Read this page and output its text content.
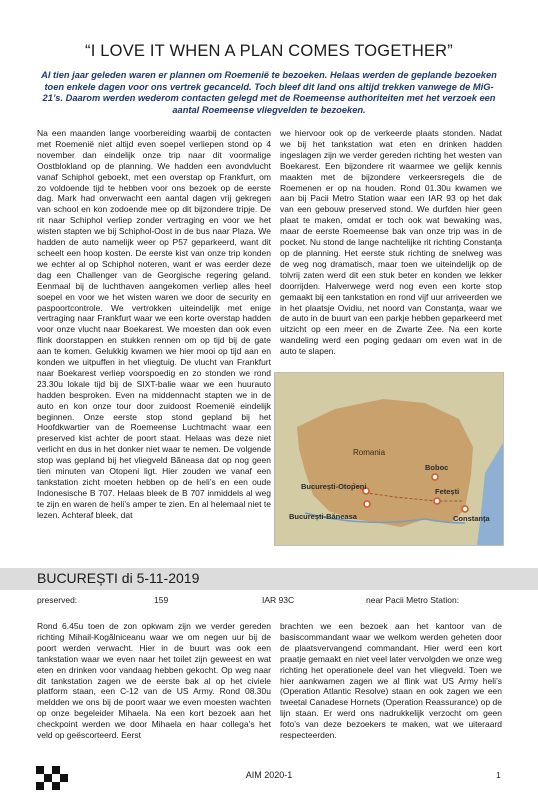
“I LOVE IT WHEN A PLAN COMES TOGETHER”
Al tien jaar geleden waren er plannen om Roemenië te bezoeken. Helaas werden de geplande bezoeken toen enkele dagen voor ons vertrek gecanceld. Toch bleef dit land ons altijd trekken vanwege de MiG-21’s. Daarom werden wederom contacten gelegd met de Roemeense authoriteiten met het verzoek een aantal Roemeense vliegvelden te bezoeken.

Na een maanden lange voorbereiding waarbij de contacten met Roemenië niet altijd even soepel verliepen stond op 4 november dan eindelijk onze trip naar dit voormalige Oostblokland op de planning. We hadden een avondvlucht vanaf Schiphol geboekt, met een overstap op Frankfurt, om zo voldoende tijd te hebben voor ons bezoek op de eerste dag. Mark had onverwacht een aantal dagen vrij gekregen van school en kon zodoende mee op dit bijzondere tripje. De rit naar Schiphol verliep zonder vertraging en voor we het wisten stapten we bij Schiphol-Oost in de bus naar Plaza. We hadden de auto namelijk weer op P57 geparkeerd, want dit scheelt een hoop kosten. De eerste kist van onze trip konden we echter al op Schiphol noteren, want er was eerder deze dag een Challenger van de Georgische regering geland. Eenmaal bij de luchthaven aangekomen verliep alles heel soepel en voor we het wisten waren we door de security en paspoortcontrole. We vertrokken uiteindelijk met enige vertraging naar Frankfurt waar we een korte overstap hadden voor onze vlucht naar Boekarest. We moesten dan ook even flink doorstappen en stukken rennen om op tijd bij de gate aan te komen. Gelukkig kwamen we hier mooi op tijd aan en konden we uitpuffen in het vliegtuig. De vlucht van Frankfurt naar Boekarest verliep voorspoedig en zo stonden we rond 23.30u lokale tijd bij de SIXT-balie waar we een huurauto hadden besproken. Even na middennacht stapten we in de auto en kon onze tour door zuidoost Roemenië eindelijk beginnen. Onze eerste stop stond gepland bij het Hoofdkwartier van de Roemeense Luchtmacht waar een preserved kist achter de poort staat. Helaas was deze niet verlicht en dus in het donker niet waar te nemen. De volgende stop was gepland bij het vliegveld Băneasa dat op nog geen tien minuten van Otopeni ligt. Hier zouden we vanaf een tankstation zicht moeten hebben op de heli’s en een oude Indonesische B 707. Helaas bleek de B 707 inmiddels al weg te zijn en waren de heli’s amper te zien. En al helemaal niet te lezen. Achteraf bleek, dat

we hiervoor ook op de verkeerde plaats stonden. Nadat we bij het tankstation wat eten en drinken hadden ingeslagen zijn we verder gereden richting het westen van Boekarest. Een bijzondere rit waarmee we gelijk kennis maakten met de bijzondere verkeersregels die de Roemenen er op na houden. Rond 01.30u kwamen we aan bij Pacii Metro Station waar een IAR 93 op het dak van een gebouw preserved stond. We durfden hier geen plaat te maken, omdat er toch ook wat bewaking was, maar de eerste Roemeense bak van onze trip was in de pocket. Nu stond de lange nachtelijke rit richting Constanța op de planning. Het eerste stuk richting de snelweg was de weg nog dramatisch, maar toen we uiteindelijk op de tolvrij zaten werd dit een stuk beter en konden we lekker doorrijden. Halverwege werd nog even een korte stop gemaakt bij een tankstation en rond vijf uur arriveerden we in het plaatsje Ovidiu, net noord van Constanța, waar we de auto in de buurt van een parkje hebben geparkeerd met uitzicht op een meer en de Zwarte Zee. Na een korte wandeling werd een poging gedaan om even wat in de auto te slapen.

Romania
Boboc
București-Otopeni
Fetești
București-Băneasa	Constanța
BUCUREȘTI di 5-11-2019
preserved:	159	IAR 93C	near Pacii Metro Station:

Rond 6.45u toen de zon opkwam zijn we verder gereden richting Mihail-Kogălniceanu waar we om negen uur bij de poort werden verwacht. Hier in de buurt was ook een tankstation waar we even naar het toilet zijn geweest en wat eten en drinken voor vandaag hebben gekocht. Op weg naar dit tankstation zagen we de eerste bak al op het civiele platform staan, een C-12 van de US Army. Rond 08.30u meldden we ons bij de poort waar we even moesten wachten op onze begeleider Mihaela. Na een kort bezoek aan het checkpoint werden we door Mihaela en haar collega’s het veld op geëscorteerd. Eerst

brachten we een bezoek aan het kantoor van de basiscommandant waar we welkom werden geheten door de plaatsvervangend commandant. Hier werd een kort praatje gemaakt en niet veel later vervolgden we onze weg richting het operationele deel van het vliegveld. Toen we hier aankwamen zagen we al flink wat US Army heli’s (Operation Atlantic Resolve) staan en ook zagen we een tweetal Canadese Hornets (Operation Reassurance) op de lijn staan. Er werd ons nadrukkelijk verzocht om geen foto’s van deze bezoekers te maken, wat we uiteraard respecteerden.

AIM 2020-1	1
